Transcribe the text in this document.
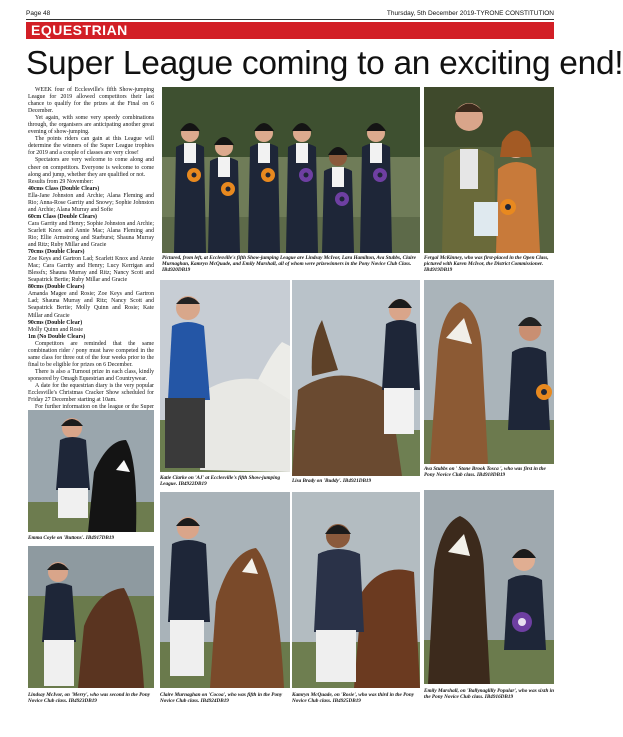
Page 48	Thursday, 5th December 2019-TYRONE CONSTITUTION
EQUESTRIAN
Super League coming to an exciting end!

WEEK four of Ecclesville's fifth Show-jumping League for 2019 allowed competitors their last chance to qualify for the prizes at the Final on 6 December.

Yet again, with some very speedy combinations through, the organisers are anticipating another great evening of show-jumping.

The points riders can gain at this League will determine the winners of the Super League trophies for 2019 and a couple of classes are very close!

Spectators are very welcome to come along and cheer on competitors. Everyone is welcome to come along and jump, whether they are qualified or not.

Results from 29 November:

40cms Class (Double Clears)

Ella-Jane Johnston and Archie; Alana Fleming and Rio; Anna-Rose Garrity and Snowy; Sophie Johnston and Archie; Alana Murray and Sofie

60cm Class (Double Clears)

Cara Garrity and Henry; Sophie Johnston and Archie; Scarlett Knox and Annie Mac; Alana Fleming and Rio; Ellie Armstrong and Starburst; Shauna Murray and Ritz; Ruby Millar and Gracie

70cms (Double Clears)

Zoe Keys and Gartron Lad; Scarlett Knox and Annie Mac; Cara Garrity and Henry; Lucy Kerrigan and Blessfx; Shauna Murray and Ritz; Nancy Scott and Seapatrick Bertie; Ruby Millar and Gracie

80cms (Double Clears)

Amanda Magee and Rosie; Zoe Keys and Gartron Lad; Shauna Murray and Ritz; Nancy Scott and Seapatrick Bertie; Molly Quinn and Rosie; Kate Millar and Gracie

90cms (Double Clear)

Molly Quinn and Rosie

1m (No Double Clears)

Competitors are reminded that the same combination rider / pony must have competed in the same class for three out of the four weeks prior to the final to be eligible for prizes on 6 December.

There is also a Turnout prize in each class, kindly sponsored by Omagh Equestrian and Countrywear.

A date for the equestrian diary is the very popular Ecclesville's Christmas Cracker Show scheduled for Friday 27 December starting at 10am.

For further information on the league or the Super

Pictured, from left, at Ecclesville's fifth Show-jumping League are Lindsay McIvor, Lara Hamilton, Ava Stubbs, Claire Murnaghan, Kamryn McQuade, and Emily Marshall, all of whom were prizewinners in the Pony Novice Club Class. IB4920DB19
Fergal McKinney, who was first-placed in the Open Class, pictured with Karen McIvor, the District Commissioner. IB4919DB19
Katie Clarke on 'AJ' at Ecclesville's fifth Show-jumping League. IB4922DB19
Lisa Brady on 'Buddy'. IB4921DB19
Ava Stubbs on ' Stone Brook Tosca ', who was first in the Pony Novice Club class. IB4918DB19
Emma Coyle on 'Buttons'. IB4917DB19
Lindsay McIvor, on 'Merry', who was second in the Pony Novice Club class. IB4923DB19
Claire Murnaghan on 'Cocoa', who was fifth in the Pony Novice Club class. IB4924DB19
Kamryn McQuade, on 'Rosie', who was third in the Pony Novice Club class. IB4925DB19
Emily Marshall, on 'Ballynaglilly Popular', who was sixth in the Pony Novice Club class. IB4916DB19
